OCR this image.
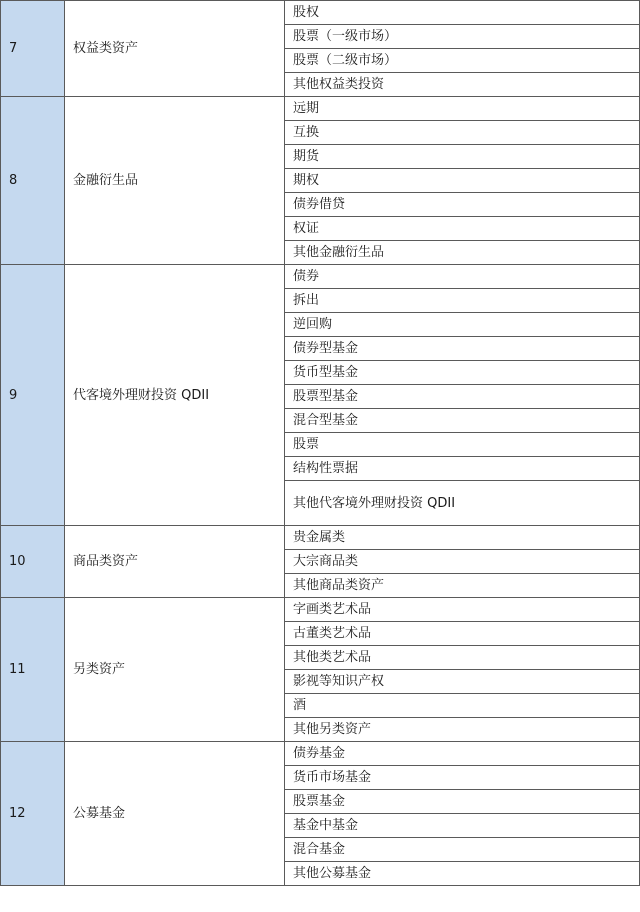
7	权益类资产	股权
		股票（一级市场）
		股票（二级市场）
		其他权益类投资
8	金融衍生品	远期
		互换
		期货
		期权
		债券借贷
		权证
		其他金融衍生品
9	代客境外理财投资 QDII	债券
		拆出
		逆回购
		债券型基金
		货币型基金
		股票型基金
		混合型基金
		股票
		结构性票据
		其他代客境外理财投资 QDII
10	商品类资产	贵金属类
		大宗商品类
		其他商品类资产
11	另类资产	字画类艺术品
		古董类艺术品
		其他类艺术品
		影视等知识产权
		酒
		其他另类资产
12	公募基金	债券基金
		货币市场基金
		股票基金
		基金中基金
		混合基金
		其他公募基金
